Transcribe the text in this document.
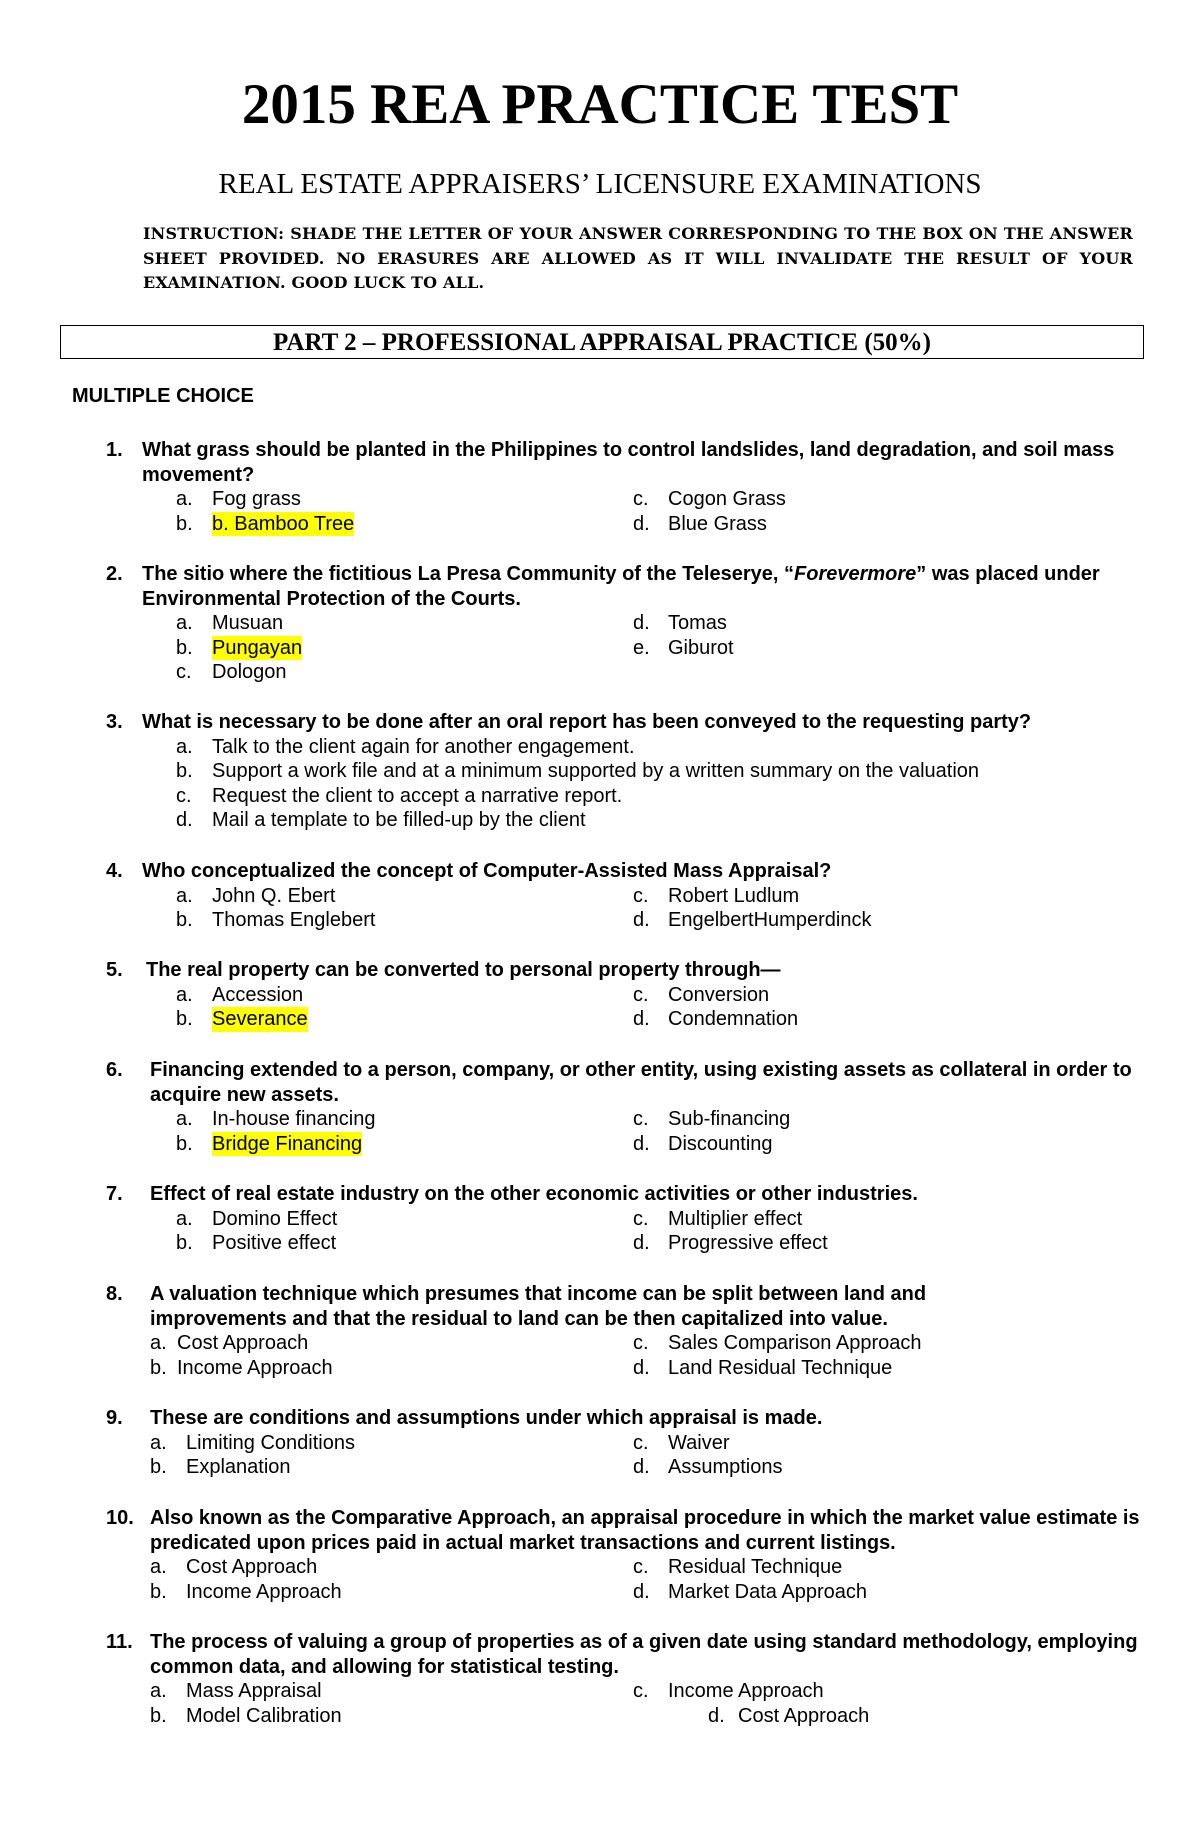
2015 REA PRACTICE TEST
REAL ESTATE APPRAISERS’ LICENSURE EXAMINATIONS
INSTRUCTION: SHADE THE LETTER OF YOUR ANSWER CORRESPONDING TO THE BOX ON THE ANSWER SHEET PROVIDED. NO ERASURES ARE ALLOWED AS IT WILL INVALIDATE THE RESULT OF YOUR EXAMINATION. GOOD LUCK TO ALL.
PART 2 – PROFESSIONAL APPRAISAL PRACTICE (50%)
MULTIPLE CHOICE
1. What grass should be planted in the Philippines to control landslides, land degradation, and soil mass movement?
a. Fog grass	c. Cogon Grass
b. b. Bamboo Tree	d. Blue Grass
2. The sitio where the fictitious La Presa Community of the Teleserye, “Forevermore” was placed under Environmental Protection of the Courts.
a. Musuan	d. Tomas
b. Pungayan	e. Giburot
c. Dologon
3. What is necessary to be done after an oral report has been conveyed to the requesting party?
a. Talk to the client again for another engagement.
b. Support a work file and at a minimum supported by a written summary on the valuation
c. Request the client to accept a narrative report.
d. Mail a template to be filled-up by the client
4. Who conceptualized the concept of Computer-Assisted Mass Appraisal?
a. John Q. Ebert	c. Robert Ludlum
b. Thomas Englebert	d. EngelbertHumperdinck
5.	The real property can be converted to personal property through—
a. Accession	c. Conversion
b. Severance	d. Condemnation
6.	Financing extended to a person, company, or other entity, using existing assets as collateral in order to acquire new assets.
a. In-house financing	c. Sub-financing
b. Bridge Financing	d. Discounting
7.	Effect of real estate industry on the other economic activities or other industries.
a. Domino Effect	c. Multiplier effect
b. Positive effect	d. Progressive effect
8.	A valuation technique which presumes that income can be split between land and improvements and that the residual to land can be then capitalized into value.
a. Cost Approach	c. Sales Comparison Approach
b. Income Approach	d. Land Residual Technique
9.	These are conditions and assumptions under which appraisal is made.
a. Limiting Conditions	c. Waiver
b. Explanation	d. Assumptions
10. Also known as the Comparative Approach, an appraisal procedure in which the market value estimate is predicated upon prices paid in actual market transactions and current listings.
a. Cost Approach	c. Residual Technique
b. Income Approach	d. Market Data Approach
11. The process of valuing a group of properties as of a given date using standard methodology, employing common data, and allowing for statistical testing.
a. Mass Appraisal	c. Income Approach
b. Model Calibration	d. Cost Approach
